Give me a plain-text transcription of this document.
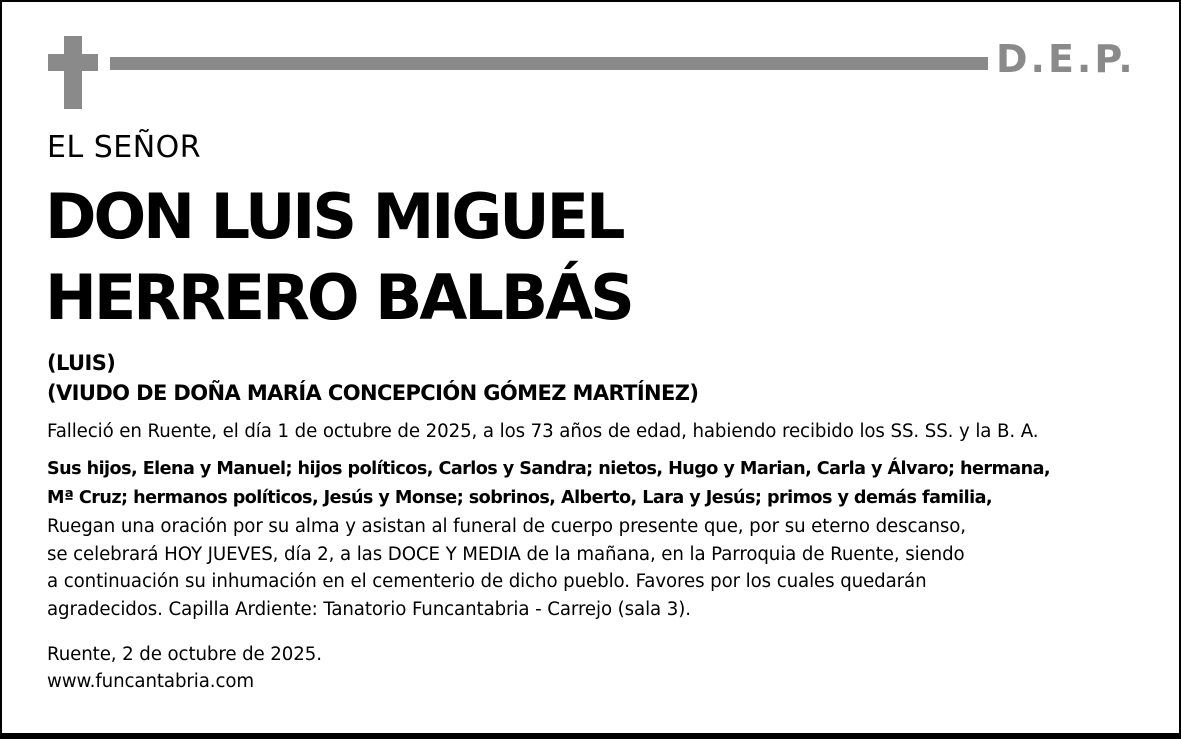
D.E.P.
EL SEÑOR
DON LUIS MIGUEL
HERRERO BALBÁS
(LUIS)
(VIUDO DE DOÑA MARÍA CONCEPCIÓN GÓMEZ MARTÍNEZ)
Falleció en Ruente, el día 1 de octubre de 2025, a los 73 años de edad, habiendo recibido los SS. SS. y la B. A.
Sus hijos, Elena y Manuel; hijos políticos, Carlos y Sandra; nietos, Hugo y Marian, Carla y Álvaro; hermana,
Mª Cruz; hermanos políticos, Jesús y Monse; sobrinos, Alberto, Lara y Jesús; primos y demás familia,
Ruegan una oración por su alma y asistan al funeral de cuerpo presente que, por su eterno descanso,
se celebrará HOY JUEVES, día 2, a las DOCE Y MEDIA de la mañana, en la Parroquia de Ruente, siendo
a continuación su inhumación en el cementerio de dicho pueblo. Favores por los cuales quedarán
agradecidos. Capilla Ardiente: Tanatorio Funcantabria - Carrejo (sala 3).
Ruente, 2 de octubre de 2025.
www.funcantabria.com
